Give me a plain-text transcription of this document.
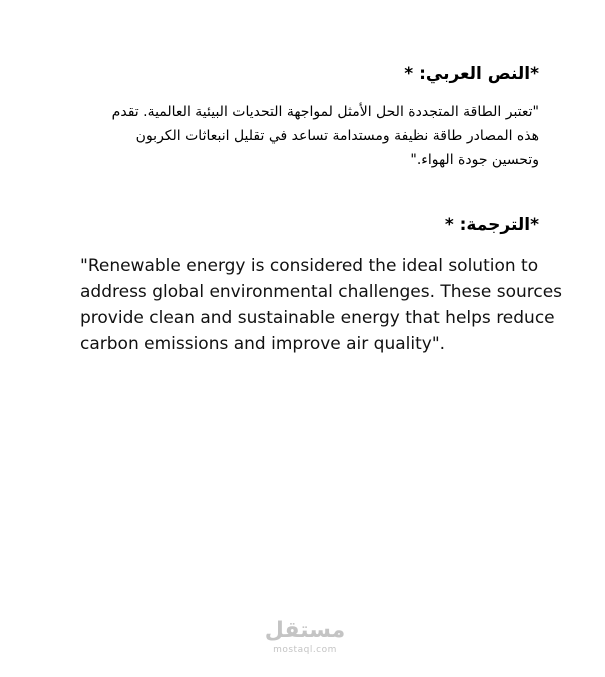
*النص العربي: *
"تعتبر الطاقة المتجددة الحل الأمثل لمواجهة التحديات البيئية العالمية. تقدم
هذه المصادر طاقة نظيفة ومستدامة تساعد في تقليل انبعاثات الكربون
وتحسين جودة الهواء."
*الترجمة: *
"Renewable energy is considered the ideal solution to
address global environmental challenges. These sources
provide clean and sustainable energy that helps reduce
carbon emissions and improve air quality".
مستقل
mostaql.com
